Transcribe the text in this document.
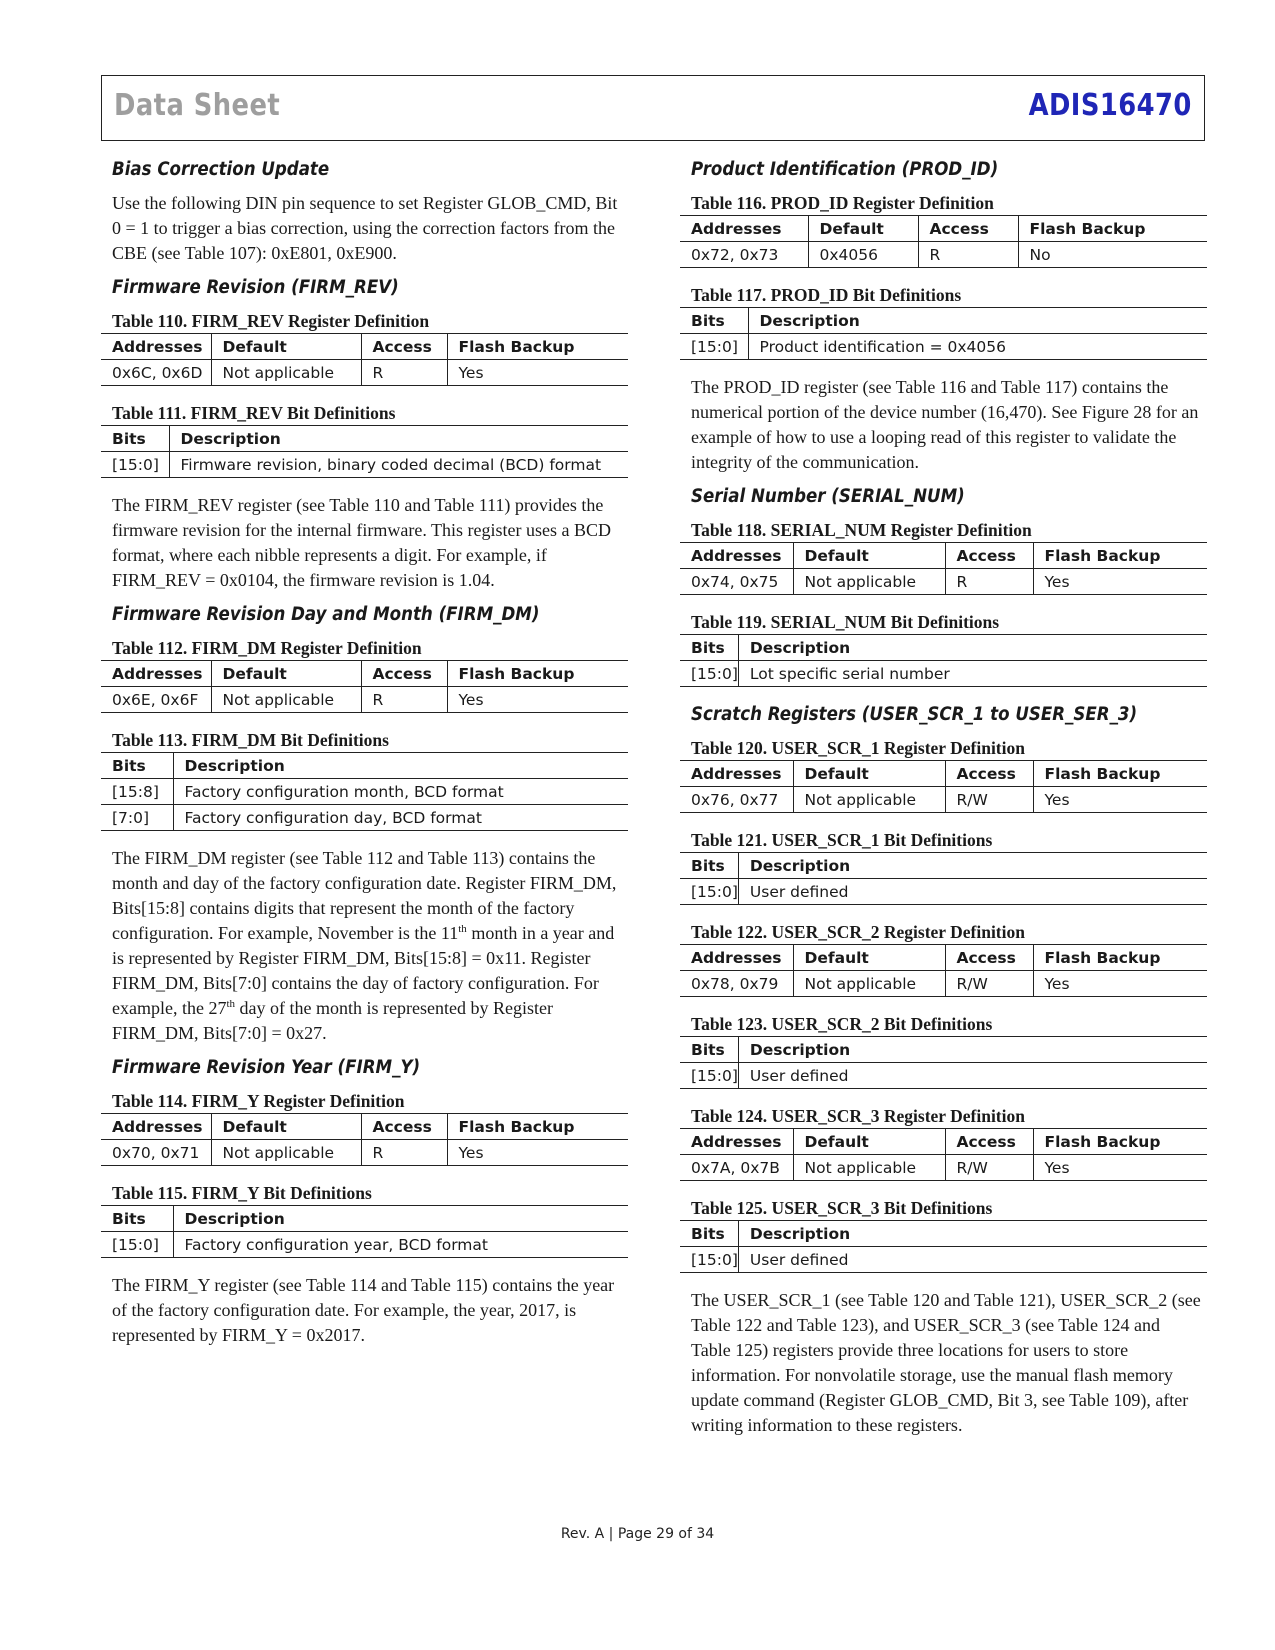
Data Sheet	ADIS16470
Bias Correction Update

Use the following DIN pin sequence to set Register GLOB_CMD, Bit 0 = 1 to trigger a bias correction, using the correction factors from the CBE (see Table 107): 0xE801, 0xE900.

Firmware Revision (FIRM_REV)
Table 110. FIRM_REV Register Definition
Addresses	Default	Access	Flash Backup
0x6C, 0x6D	Not applicable	R	Yes
Table 111. FIRM_REV Bit Definitions
Bits	Description
[15:0]	Firmware revision, binary coded decimal (BCD) format

The FIRM_REV register (see Table 110 and Table 111) provides the firmware revision for the internal firmware. This register uses a BCD format, where each nibble represents a digit. For example, if FIRM_REV = 0x0104, the firmware revision is 1.04.

Firmware Revision Day and Month (FIRM_DM)
Table 112. FIRM_DM Register Definition
Addresses	Default	Access	Flash Backup
0x6E, 0x6F	Not applicable	R	Yes
Table 113. FIRM_DM Bit Definitions
Bits	Description
[15:8]	Factory configuration month, BCD format
[7:0]	Factory configuration day, BCD format

The FIRM_DM register (see Table 112 and Table 113) contains the month and day of the factory configuration date. Register FIRM_DM, Bits[15:8] contains digits that represent the month of the factory configuration. For example, November is the 11th month in a year and is represented by Register FIRM_DM, Bits[15:8] = 0x11. Register FIRM_DM, Bits[7:0] contains the day of factory configuration. For example, the 27th day of the month is represented by Register FIRM_DM, Bits[7:0] = 0x27.

Firmware Revision Year (FIRM_Y)
Table 114. FIRM_Y Register Definition
Addresses	Default	Access	Flash Backup
0x70, 0x71	Not applicable	R	Yes
Table 115. FIRM_Y Bit Definitions
Bits	Description
[15:0]	Factory configuration year, BCD format

The FIRM_Y register (see Table 114 and Table 115) contains the year of the factory configuration date. For example, the year, 2017, is represented by FIRM_Y = 0x2017.

Product Identification (PROD_ID)
Table 116. PROD_ID Register Definition
Addresses	Default	Access	Flash Backup
0x72, 0x73	0x4056	R	No
Table 117. PROD_ID Bit Definitions
Bits	Description
[15:0]	Product identification = 0x4056

The PROD_ID register (see Table 116 and Table 117) contains the numerical portion of the device number (16,470). See Figure 28 for an example of how to use a looping read of this register to validate the integrity of the communication.

Serial Number (SERIAL_NUM)
Table 118. SERIAL_NUM Register Definition
Addresses	Default	Access	Flash Backup
0x74, 0x75	Not applicable	R	Yes
Table 119. SERIAL_NUM Bit Definitions
Bits	Description
[15:0]	Lot specific serial number
Scratch Registers (USER_SCR_1 to USER_SER_3)
Table 120. USER_SCR_1 Register Definition
Addresses	Default	Access	Flash Backup
0x76, 0x77	Not applicable	R/W	Yes
Table 121. USER_SCR_1 Bit Definitions
Bits	Description
[15:0]	User defined
Table 122. USER_SCR_2 Register Definition
Addresses	Default	Access	Flash Backup
0x78, 0x79	Not applicable	R/W	Yes
Table 123. USER_SCR_2 Bit Definitions
Bits	Description
[15:0]	User defined
Table 124. USER_SCR_3 Register Definition
Addresses	Default	Access	Flash Backup
0x7A, 0x7B	Not applicable	R/W	Yes
Table 125. USER_SCR_3 Bit Definitions
Bits	Description
[15:0]	User defined

The USER_SCR_1 (see Table 120 and Table 121), USER_SCR_2 (see Table 122 and Table 123), and USER_SCR_3 (see Table 124 and Table 125) registers provide three locations for users to store information. For nonvolatile storage, use the manual flash memory update command (Register GLOB_CMD, Bit 3, see Table 109), after writing information to these registers.

Rev. A | Page 29 of 34
